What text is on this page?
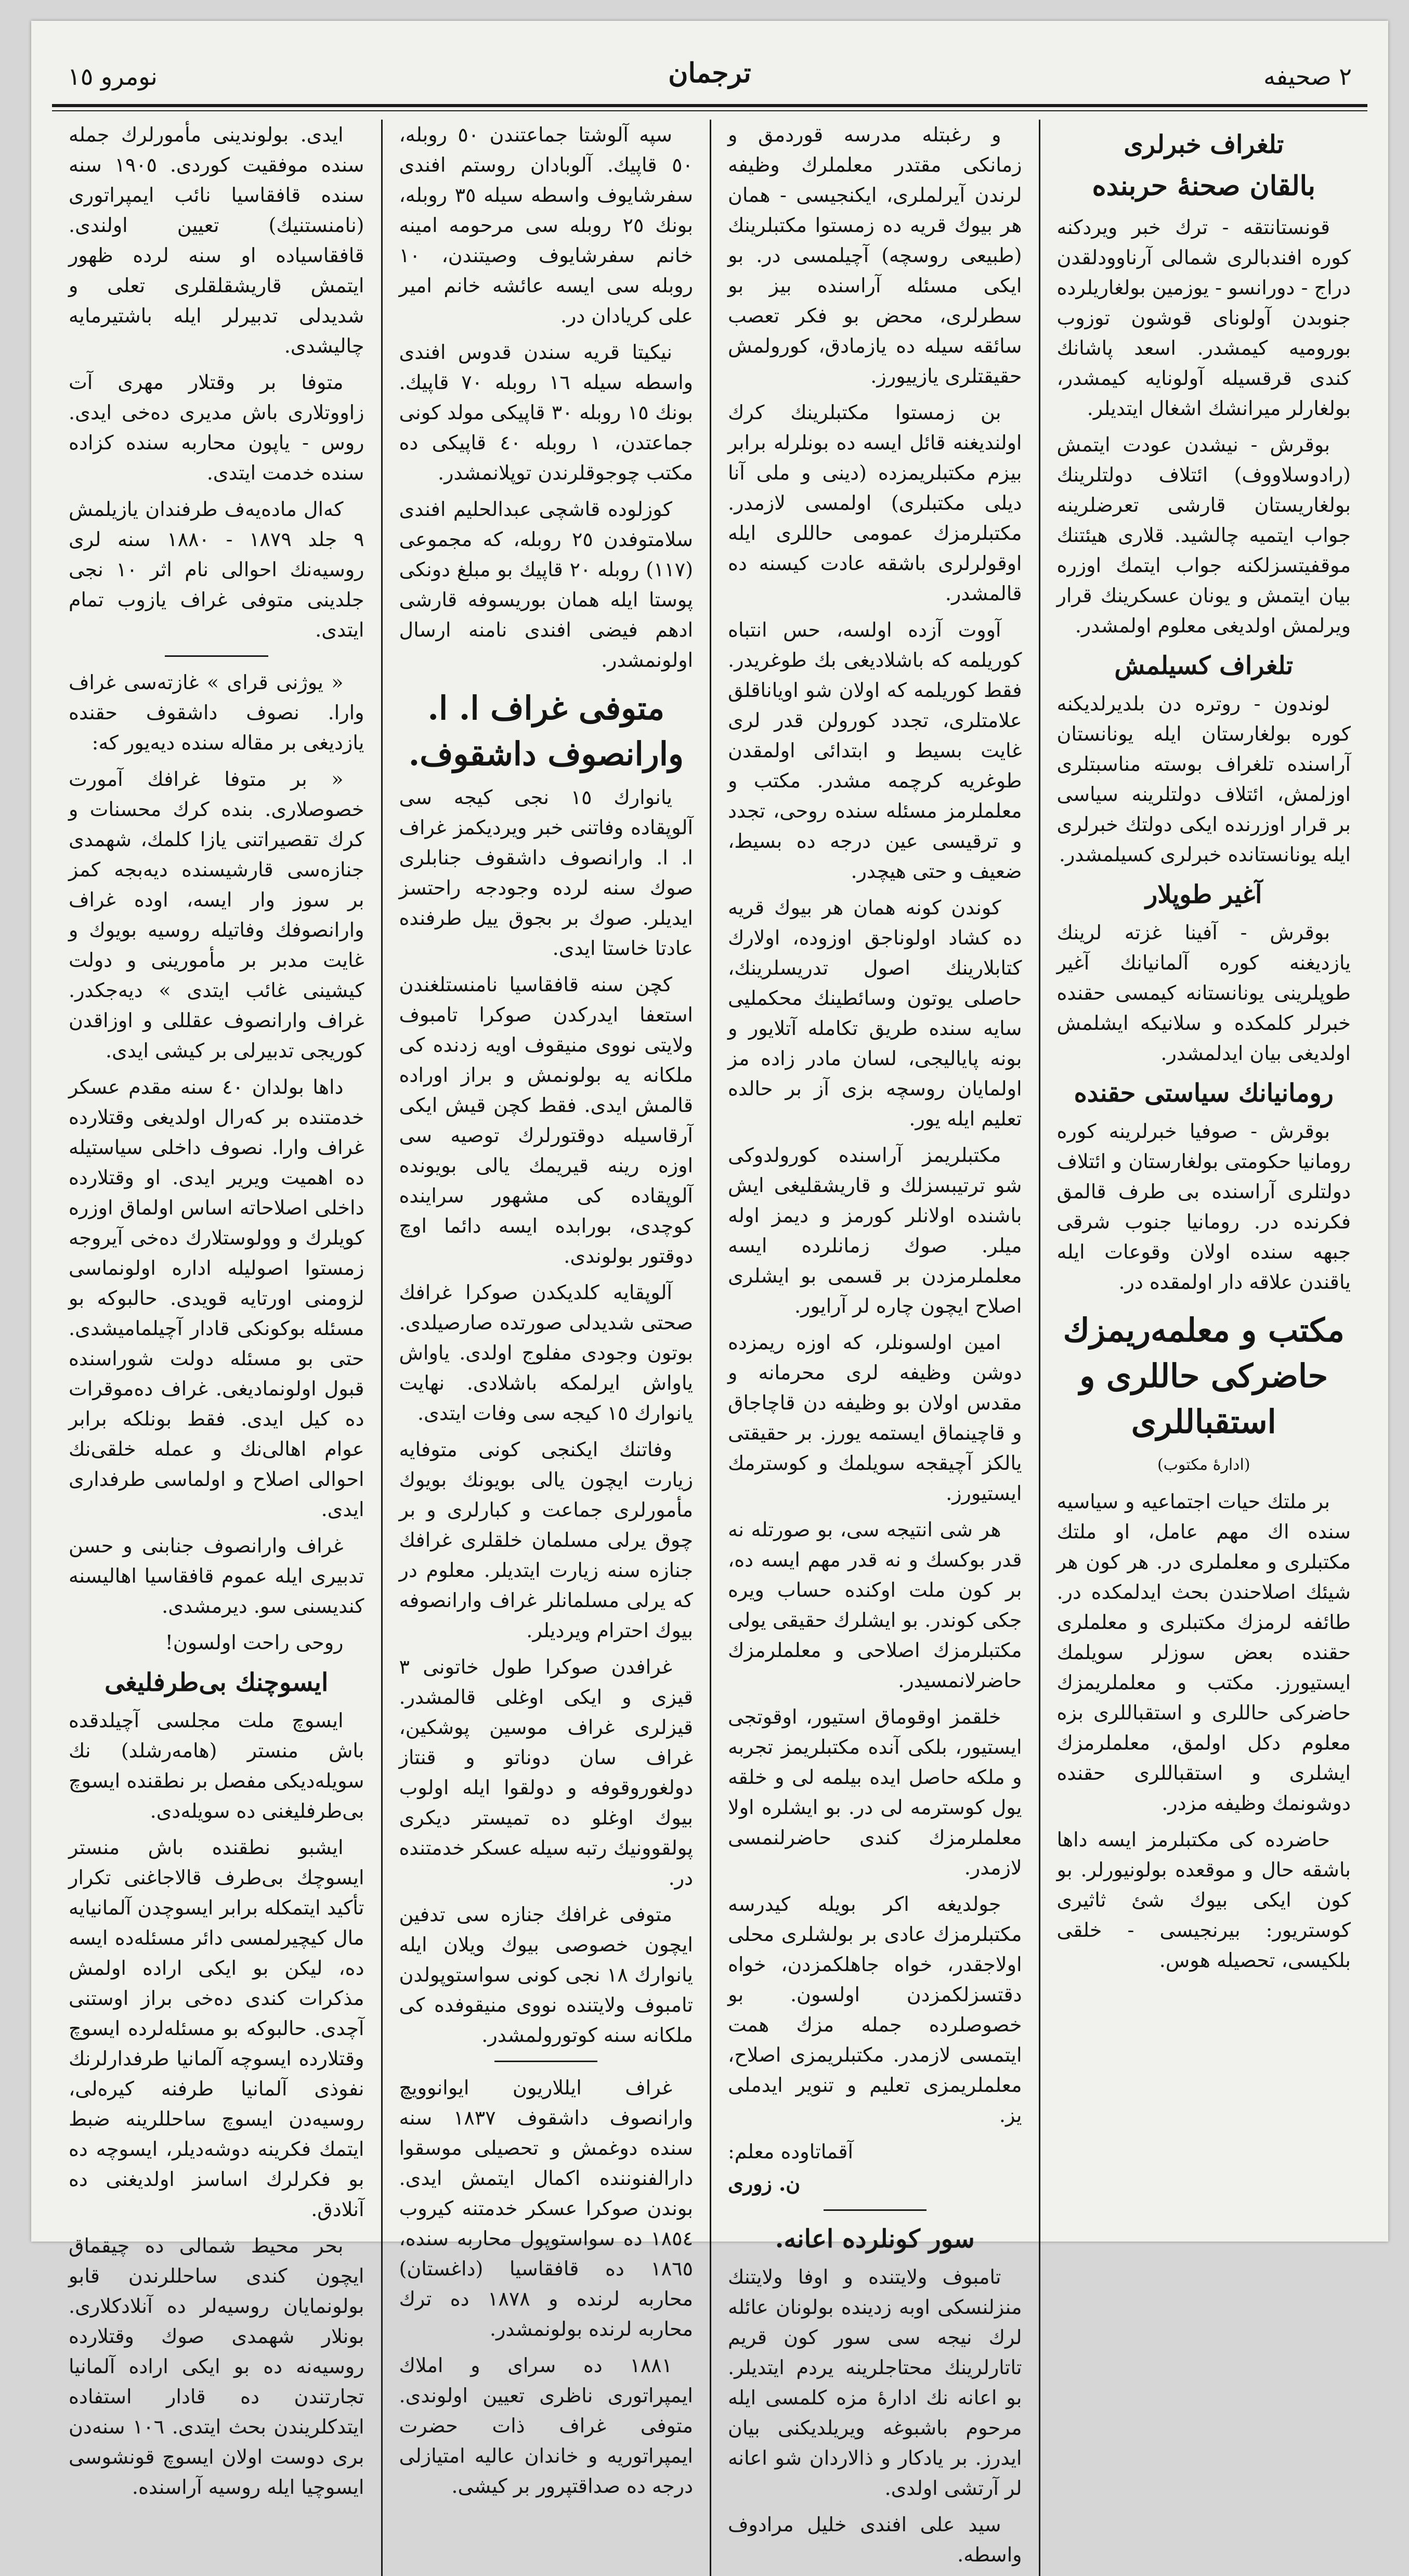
٢ صحيفه
ترجمان
نومرو ١٥
تلغراف خبرلرى
بالقان صحنهٔ حربنده
قونستانتقه - ترك خبر ويردكنه كوره افندبالرى شمالى آرناوودلقدن دراج - دورانسو - يوزمين بولغاريلرده جنوبدن آولوناى قوشون توزوب بوروميه كيمشدر. اسعد پاشانك كندى قرقسيله آولونايه كيمشدر، بولغارلر ميرانشك اشغال ايتديلر.
بوقرش - نيشدن عودت ايتمش (رادوسلاووف) ائتلاف دولتلرينك بولغاريستان قارشى تعرضلرينه جواب ايتميه چالشيد. قلارى هيئتنك موقفيتسزلكنه جواب ايتمك اوزره بيان ايتمش و يونان عسكرينك قرار ويرلمش اولديغى معلوم اولمشدر.
تلغراف كسيلمش
لوندون - روتره دن بلديرلديكنه كوره بولغارستان ايله يونانستان آراسنده تلغراف بوسته مناسبتلرى اوزلمش، ائتلاف دولتلرينه سياسى بر قرار اوزرنده ايكى دولتك خبرلرى ايله يونانستانده خبرلرى كسيلمشدر.
آغير طوپلار
بوقرش - آفينا غزته لرينك يازديغنه كوره آلمانيانك آغير طوپلرينى يونانستانه كيمسى حقنده خبرلر كلمكده و سلانيكه ايشلمش اولديغى بيان ايدلمشدر.
رومانيانك سياستى حقنده
بوقرش - صوفيا خبرلرينه كوره رومانيا حكومتى بولغارستان و ائتلاف دولتلرى آراسنده بى طرف قالمق فكرنده در. رومانيا جنوب شرقى جبهه سنده اولان وقوعات ايله ياقندن علاقه دار اولمقده در.
مكتب و معلمه‌ريمزك حاضرکى حاللرى و استقباللرى
(ادارهٔ مكتوب)
بر ملتك حيات اجتماعيه و سياسيه سنده اك مهم عامل، او ملتك مكتبلرى و معلملرى در. هر كون هر شيئك اصلاحندن بحث ايدلمكده در. طائفه لرمزك مكتبلرى و معلملرى حقنده بعض سوزلر سويلمك ايستيورز. مكتب و معلملريمزك حاضرکى حاللرى و استقباللرى بزه معلوم دكل اولمق، معلملرمزك ايشلرى و استقباللرى حقنده دوشونمك وظيفه مزدر.
حاضرده كى مكتبلرمز ايسه داها باشقه حال و موقعده بولونيورلر. بو كون ايكى بيوك شئ ثاثيرى كوستريور: بيرنجيسى - خلقى بلكيسى، تحصيله هوس.
و رغبتله مدرسه قوردمق و زمانكى مقتدر معلملرك وظيفه لرندن آيرلملرى، ايكنجيسى - همان هر بيوك قريه ده زمستوا مكتبلرينك (طبيعى روسچه) آچيلمسى در. بو ايكى مسئله آراسنده بيز بو سطرلرى، محض بو فكر تعصب سائقه سيله ده يازمادق، كورولمش حقيقتلرى يازييورز.
بن زمستوا مكتبلرينك كرك اولنديغنه قائل ايسه ده بونلرله برابر بيزم مكتبلريمزده (دينى و ملى آنا ديلى مكتبلرى) اولمسى لازمدر. مكتبلرمزك عمومى حاللرى ايله اوقولرلرى باشقه عادت كيسنه ده قالمشدر.
آووت آزده اولسه، حس انتباه كوريلمه كه باشلاديغى بك طوغريدر. فقط كوريلمه كه اولان شو اوياناقلق علامتلرى، تجدد كورولن قدر لرى غايت بسيط و ابتدائى اولمقدن طوغريه كرچمه مشدر. مكتب و معلملرمز مسئله سنده روحى، تجدد و ترقيسى عين درجه ده بسيط، ضعيف و حتى هيچدر.
كوندن كونه همان هر بيوك قريه ده كشاد اولوناجق اوزوده، اولارك كتابلارينك اصول تدريسلرينك، حاصلى يوتون وسائطينك محكمليى سايه سنده طريق تكامله آتلايور و بونه پاياليجى، لسان مادر زاده مز اولمايان روسچه بزى آز بر حالده تعليم ايله يور.
مكتبلريمز آراسنده كورولدوكى شو ترتيبسزلك و قاريشقليغى ايش باشنده اولانلر كورمز و ديمز اوله ميلر. صوك زمانلرده ايسه معلملرمزدن بر قسمى بو ايشلرى اصلاح ايچون چاره لر آرايور.
امين اولسونلر، كه اوزه ريمزده دوشن وظيفه لرى محرمانه و مقدس اولان بو وظيفه دن قاچاجاق و قاچينماق ايستمه يورز. بر حقيقتى يالكز آچيقجه سويلمك و كوسترمك ايستيورز.
هر شى انتيجه سى، بو صورتله نه قدر بوكسك و نه قدر مهم ايسه ده، بر كون ملت اوكنده حساب ويره جكى كوندر. بو ايشلرك حقيقى يولى مكتبلرمزك اصلاحى و معلملرمزك حاضرلانمسيدر.
خلقمز اوقوماق استيور، اوقوتجى ايستيور، بلكى آنده مكتبلريمز تجربه و ملكه حاصل ايده بيلمه لى و خلقه يول كوسترمه لى در. بو ايشلره اولا معلملرمزك كندى حاضرلنمسى لازمدر.
جولديغه اكر بويله كيدرسه مكتبلرمزك عادى بر بولشلرى محلى اولاجقدر، خواه جاهلكمزدن، خواه دقتسزلكمزدن اولسون. بو خصوصلرده جمله مزك همت ايتمسى لازمدر. مكتبلريمزى اصلاح، معلملريمزى تعليم و تنوير ايدملى يز.
آقماتاوده معلم:
ن. زورى
سور كونلرده اعانه.
تامبوف ولايتنده و اوفا ولايتنك منزلنسكى اوبه زدينده بولونان عائله لرك نيجه سى سور كون قريم تاتارلرينك محتاجلرينه يردم ايتديلر. بو اعانه نك ادارهٔ مزه كلمسى ايله مرحوم باشبوغه ويريلديكنى بيان ايدرز. بر يادكار و ذالاردان شو اعانه لر آرتشى اولدى.
سيد على افندى خليل مرادوف واسطه.
سپه آلوشتا جماعتندن ٥٠ روبله، ٥٠ قاپيك. آلوبادان روستم افندى سفرشايوف واسطه سيله ٣٥ روبله، بونك ٢٥ روبله سى مرحومه امينه خانم سفرشايوف وصيتندن، ١٠ روبله سى ايسه عائشه خانم امير على كريادان در.
نيكيتا قريه سندن قدوس افندى واسطه سيله ١٦ روبله ٧٠ قاپيك. بونك ١٥ روبله ٣٠ قاپيكى مولد كونى جماعتدن، ١ روبله ٤٠ قاپيكى ده مكتب چوجوقلرندن توپلانمشدر.
كوزلوده قاشچى عبدالحليم افندى سلامتوفدن ٢٥ روبله، كه مجموعى (١١٧) روبله ٢٠ قاپيك بو مبلغ دونكى پوستا ايله همان بوريسوفه قارشى ادهم فيضى افندى نامنه ارسال اولونمشدر.
متوفى غراف ا. ا. وارانصوف داشقوف.
يانوارك ١٥ نجى كيجه سى آلوپقاده وفاتنى خبر ويرديكمز غراف ا. ا. وارانصوف داشقوف جنابلرى صوك سنه لرده وجودجه راحتسز ايديلر. صوك بر بجوق ييل طرفنده عادتا خاستا ايدى.
كچن سنه قافقاسيا نامنستلغندن استعفا ايدركدن صوكرا تامبوف ولايتى نووى منيقوف اويه زدنده كى ملكانه يه بولونمش و براز اوراده قالمش ايدى. فقط كچن قيش ايكى آرقاسيله دوقتورلرك توصيه سى اوزه رينه قيريمك يالى بويونده آلوپقاده كى مشهور سراينده كوچدى، بورابده ايسه دائما اوچ دوقتور بولوندى.
آلوپقايه كلديكدن صوكرا غرافك صحتى شديدلى صورتده صارصيلدى. بوتون وجودى مفلوج اولدى. ياواش ياواش ايرلمكه باشلادى. نهايت يانوارك ١٥ كيجه سى وفات ايتدى.
وفاتنك ايكنجى كونى متوفايه زيارت ايچون يالى بويونك بويوك مأمورلرى جماعت و كبارلرى و بر چوق يرلى مسلمان خلقلرى غرافك جنازه سنه زيارت ايتديلر. معلوم در كه يرلى مسلمانلر غراف وارانصوفه بيوك احترام ويرديلر.
غرافدن صوكرا طول خاتونى ٣ قيزى و ايكى اوغلى قالمشدر. قيزلرى غراف موسين پوشكين، غراف سان دوناتو و قنتاز دولغوروقوفه و دولقوا ايله اولوب بيوك اوغلو ده تميستر ديكرى پولقوونيك رتبه سيله عسكر خدمتنده در.
متوفى غرافك جنازه سى تدفين ايچون خصوصى بيوك ويلان ايله يانوارك ١٨ نجى كونى سواستوپولدن تامبوف ولايتنده نووى منيقوفده كى ملكانه سنه كوتورولمشدر.
غراف ايللاريون ايوانوويچ وارانصوف داشقوف ١٨٣٧ سنه سنده دوغمش و تحصيلى موسقوا دارالفنوننده اكمال ايتمش ايدى. بوندن صوكرا عسكر خدمتنه كيروب ١٨٥٤ ده سواستوپول محاربه سنده، ١٨٦٥ ده قافقاسيا (داغستان) محاربه لرنده و ١٨٧٨ ده ترك محاربه لرنده بولونمشدر.
١٨٨١ ده سراى و املاك ايمپراتورى ناظرى تعيين اولوندى. متوفى غراف ذات حضرت ايمپراتوريه و خاندان عاليه امتيازلى درجه ده صداقتپرور بر كيشى.
ايدى. بولوندينى مأمورلرك جمله سنده موفقيت كوردى. ١٩٠٥ سنه سنده قافقاسيا نائب ايمپراتورى (نامنستنيك) تعيين اولندى. قافقاسياده او سنه لرده ظهور ايتمش قاريشقلقلرى تعلى و شديدلى تدبيرلر ايله باشتيرمايه چاليشدى.
متوفا بر وقتلار مهرى آت زاووتلارى باش مديرى ده‌خى ايدى. روس - ياپون محاربه سنده كزاده سنده خدمت ايتدى.
كه‌ال مادەيەف طرفندان يازيلمش ۹ جلد ١٨٧٩ - ١٨٨٠ سنه لرى روسيه‌نك احوالى نام اثر ١٠ نجى جلدينى متوفى غراف يازوب تمام ايتدى.
« يوژنى قراى » غازته‌سى غراف وارا. نصوف داشقوف حقنده يازديغى بر مقاله سنده ديه‌يور كه:
« بر متوفا غرافك آمورت خصوصلارى. بنده كرك محسنات و كرك تقصيراتنى يازا كلمك، شهمدى جنازه‌سى قارشيسنده ديه‌بجه كمز بر سوز وار ايسه، اوده غراف وارانصوفك وفاتيله روسيه بويوك و غايت مدبر بر مأمورينى و دولت كيشينى غائب ايتدى » ديه‌جكدر. غراف وارانصوف عقللى و اوزاقدن كوريجى تدبيرلى بر كيشى ايدى.
داها بولدان ٤٠ سنه مقدم عسكر خدمتنده بر كه‌رال اولديغى وقتلارده غراف وارا. نصوف داخلى سياستيله ده اهميت ويرير ايدى. او وقتلارده داخلى اصلاحاته اساس اولماق اوزره كويلرك و وولوستلارك ده‌خى آيروجه زمستوا اصوليله اداره اولونماسى لزومنى اورتايه قويدى. حالبوكه بو مسئله بوكونكى قادار آچيلماميشدى. حتى بو مسئله دولت شوراسنده قبول اولونماديغى. غراف ده‌موقرات ده كيل ايدى. فقط بونلكه برابر عوام اهالى‌نك و عمله خلقى‌نك احوالى اصلاح و اولماسى طرفدارى ايدى.
غراف وارانصوف جنابنى و حسن تدبيرى ايله عموم قافقاسيا اهاليسنه كنديسنى سو. ديرمشدى.
روحى راحت اولسون!
ايسوچنك بى‌طرفليغى
ايسوچ ملت مجلسى آچيلدقده باش منستر (هامه‌رشلد) نك سويله‌ديكى مفصل بر نطقنده ايسوچ بى‌طرفليغنى ده سويله‌دى.
ايشبو نطقنده باش منستر ايسوچك بى‌طرف قالاجاغنى تكرار تأكيد ايتمكله برابر ايسوچدن آلمانيايه مال كيچيرلمسى دائر مسئله‌ده ايسه ده، ليكن بو ايكى اراده اولمش مذكرات كندى ده‌خى براز اوستنى آچدى. حالبوكه بو مسئله‌لرده ايسوچ وقتلارده ايسوچه آلمانيا طرفدارلرنك نفوذى آلمانيا طرفنه كيره‌لى، روسيه‌دن ايسوچ ساحللرينه ضبط ايتمك فكرينه دوشه‌ديلر، ايسوچه ده بو فكرلرك اساسز اولديغنى ده آنلادق.
بحر محيط شمالى ده چيقماق ايچون كندى ساحللرندن قابو بولونمايان روسيه‌لر ده آنلادكلارى. بونلار شهمدى صوك وقتلارده روسيه‌نه ده بو ايكى اراده آلمانيا تجارتندن ده قادار استفاده ايتدكلريندن بحث ايتدى. ١٠٦ سنه‌دن برى دوست اولان ايسوچ قونشوسى ايسوچيا ايله روسيه آراسنده.
